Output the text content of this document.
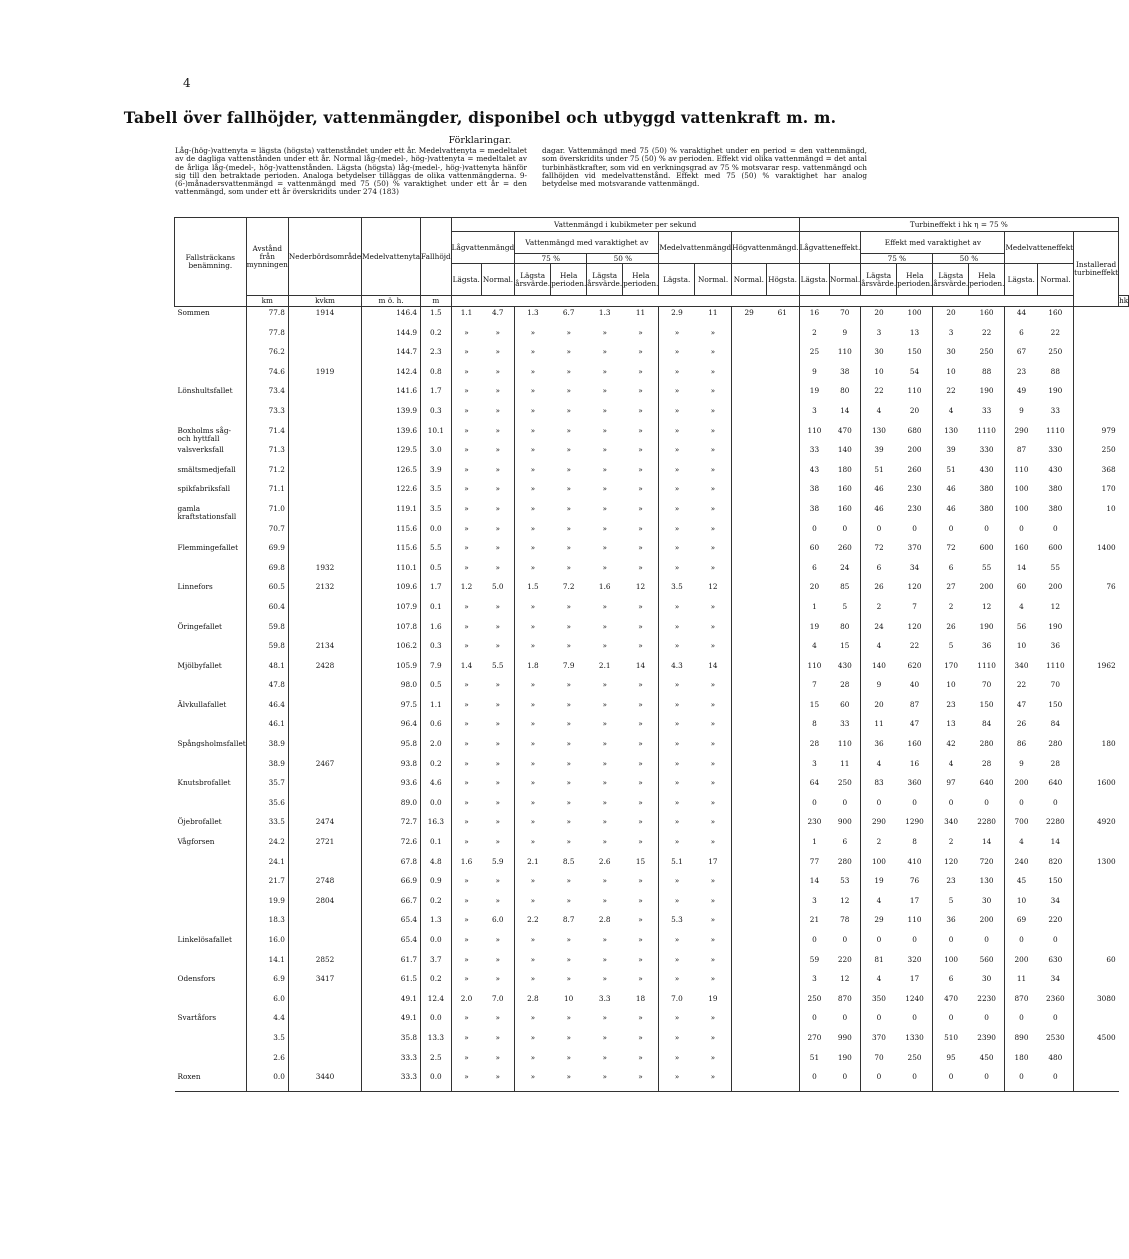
4
Tabell över fallhöjder, vattenmängder, disponibel och utbyggd vattenkraft m. m.
Förklaringar.
Låg-(hög-)vattenyta = lägsta (högsta) vattenståndet under ett år. Medelvattenyta = medeltalet av de dagliga vattenstånden under ett år. Normal låg-(medel-, hög-)vattenyta = medeltalet av de årliga låg-(medel-, hög-)vattenstånden. Lägsta (högsta) låg-(medel-, hög-)vattenyta hänför sig till den betraktade perioden. Analoga betydelser tilläggas de olika vattenmängderna. 9-(6-)månadersvattenmängd = vattenmängd med 75 (50) % varaktighet under ett år = den vattenmängd, som under ett år överskridits under 274 (183)
dagar. Vattenmängd med 75 (50) % varaktighet under en period = den vattenmängd, som överskridits under 75 (50) % av perioden. Effekt vid olika vattenmängd = det antal turbinhästkrafter, som vid en verkningsgrad av 75 % motsvarar resp. vattenmängd och fallhöjden vid medelvattenstånd. Effekt med 75 (50) % varaktighet har analog betydelse med motsvarande vattenmängd.
Fallsträckans benämning.	Avstånd från mynningen	Nederbördsområde	Medelvattenyta	Fallhöjd	Vattenmängd i kubikmeter per sekund										Turbineffekt i hk η = 75 %									
					Lågvattenmängd		Vattenmängd med varaktighet av				Medelvattenmängd		Högvattenmängd.		Lågvatteneffekt.		Effekt med varaktighet av				Medelvatteneffekt		Installerad turbineffekt	
							75 %		50 %								75 %		50 %					
					Lägsta.	Normal.	Lägsta årsvärde.	Hela perioden.	Lägsta årsvärde.	Hela perioden.	Lägsta.	Normal.	Normal.	Högsta.	Lägsta.	Normal.	Lägsta årsvärde.	Hela perioden.	Lägsta årsvärde.	Hela perioden.	Lägsta.	Normal.		
	km	kvkm	m ö. h.	m																				hk
Sommen	77.8	1914	146.4	1.5	1.1	4.7	1.3	6.7	1.3	11	2.9	11	29	61	16	70	20	100	20	160	44	160		
	77.8		144.9	0.2	»	»	»	»	»	»	»	»			2	9	3	13	3	22	6	22		
	76.2		144.7	2.3	»	»	»	»	»	»	»	»			25	110	30	150	30	250	67	250		
	74.6	1919	142.4	0.8	»	»	»	»	»	»	»	»			9	38	10	54	10	88	23	88		
Lönshultsfallet	73.4		141.6	1.7	»	»	»	»	»	»	»	»			19	80	22	110	22	190	49	190		
	73.3		139.9	0.3	»	»	»	»	»	»	»	»			3	14	4	20	4	33	9	33		
Boxholms såg- och hyttfall	71.4		139.6	10.1	»	»	»	»	»	»	»	»			110	470	130	680	130	1110	290	1110	979	
valsverksfall	71.3		129.5	3.0	»	»	»	»	»	»	»	»			33	140	39	200	39	330	87	330	250	
smältsmedjefall	71.2		126.5	3.9	»	»	»	»	»	»	»	»			43	180	51	260	51	430	110	430	368	
spikfabriksfall	71.1		122.6	3.5	»	»	»	»	»	»	»	»			38	160	46	230	46	380	100	380	170	
gamla kraftstationsfall	71.0		119.1	3.5	»	»	»	»	»	»	»	»			38	160	46	230	46	380	100	380	10	
	70.7		115.6	0.0	»	»	»	»	»	»	»	»			0	0	0	0	0	0	0	0		
Flemmingefallet	69.9		115.6	5.5	»	»	»	»	»	»	»	»			60	260	72	370	72	600	160	600	1400	
	69.8	1932	110.1	0.5	»	»	»	»	»	»	»	»			6	24	6	34	6	55	14	55		
Linnefors	60.5	2132	109.6	1.7	1.2	5.0	1.5	7.2	1.6	12	3.5	12			20	85	26	120	27	200	60	200	76	
	60.4		107.9	0.1	»	»	»	»	»	»	»	»			1	5	2	7	2	12	4	12		
Öringefallet	59.8		107.8	1.6	»	»	»	»	»	»	»	»			19	80	24	120	26	190	56	190		
	59.8	2134	106.2	0.3	»	»	»	»	»	»	»	»			4	15	4	22	5	36	10	36		
Mjölbyfallet	48.1	2428	105.9	7.9	1.4	5.5	1.8	7.9	2.1	14	4.3	14			110	430	140	620	170	1110	340	1110	1962	
	47.8		98.0	0.5	»	»	»	»	»	»	»	»			7	28	9	40	10	70	22	70		
Älvkullafallet	46.4		97.5	1.1	»	»	»	»	»	»	»	»			15	60	20	87	23	150	47	150		
	46.1		96.4	0.6	»	»	»	»	»	»	»	»			8	33	11	47	13	84	26	84		
Spångsholmsfallet	38.9		95.8	2.0	»	»	»	»	»	»	»	»			28	110	36	160	42	280	86	280	180	
	38.9	2467	93.8	0.2	»	»	»	»	»	»	»	»			3	11	4	16	4	28	9	28		
Knutsbrofallet	35.7		93.6	4.6	»	»	»	»	»	»	»	»			64	250	83	360	97	640	200	640	1600	
	35.6		89.0	0.0	»	»	»	»	»	»	»	»			0	0	0	0	0	0	0	0		
Öjebrofallet	33.5	2474	72.7	16.3	»	»	»	»	»	»	»	»			230	900	290	1290	340	2280	700	2280	4920	
Vågforsen	24.2	2721	72.6	0.1	»	»	»	»	»	»	»	»			1	6	2	8	2	14	4	14		
	24.1		67.8	4.8	1.6	5.9	2.1	8.5	2.6	15	5.1	17			77	280	100	410	120	720	240	820	1300	
	21.7	2748	66.9	0.9	»	»	»	»	»	»	»	»			14	53	19	76	23	130	45	150		
	19.9	2804	66.7	0.2	»	»	»	»	»	»	»	»			3	12	4	17	5	30	10	34		
	18.3		65.4	1.3	»	6.0	2.2	8.7	2.8	»	5.3	»			21	78	29	110	36	200	69	220		
Linkelösafallet	16.0		65.4	0.0	»	»	»	»	»	»	»	»			0	0	0	0	0	0	0	0		
	14.1	2852	61.7	3.7	»	»	»	»	»	»	»	»			59	220	81	320	100	560	200	630	60	
Odensfors	6.9	3417	61.5	0.2	»	»	»	»	»	»	»	»			3	12	4	17	6	30	11	34		
	6.0		49.1	12.4	2.0	7.0	2.8	10	3.3	18	7.0	19			250	870	350	1240	470	2230	870	2360	3080	
Svartåfors	4.4		49.1	0.0	»	»	»	»	»	»	»	»			0	0	0	0	0	0	0	0		
	3.5		35.8	13.3	»	»	»	»	»	»	»	»			270	990	370	1330	510	2390	890	2530	4500	
	2.6		33.3	2.5	»	»	»	»	»	»	»	»			51	190	70	250	95	450	180	480		
Roxen	0.0	3440	33.3	0.0	»	»	»	»	»	»	»	»			0	0	0	0	0	0	0	0		
